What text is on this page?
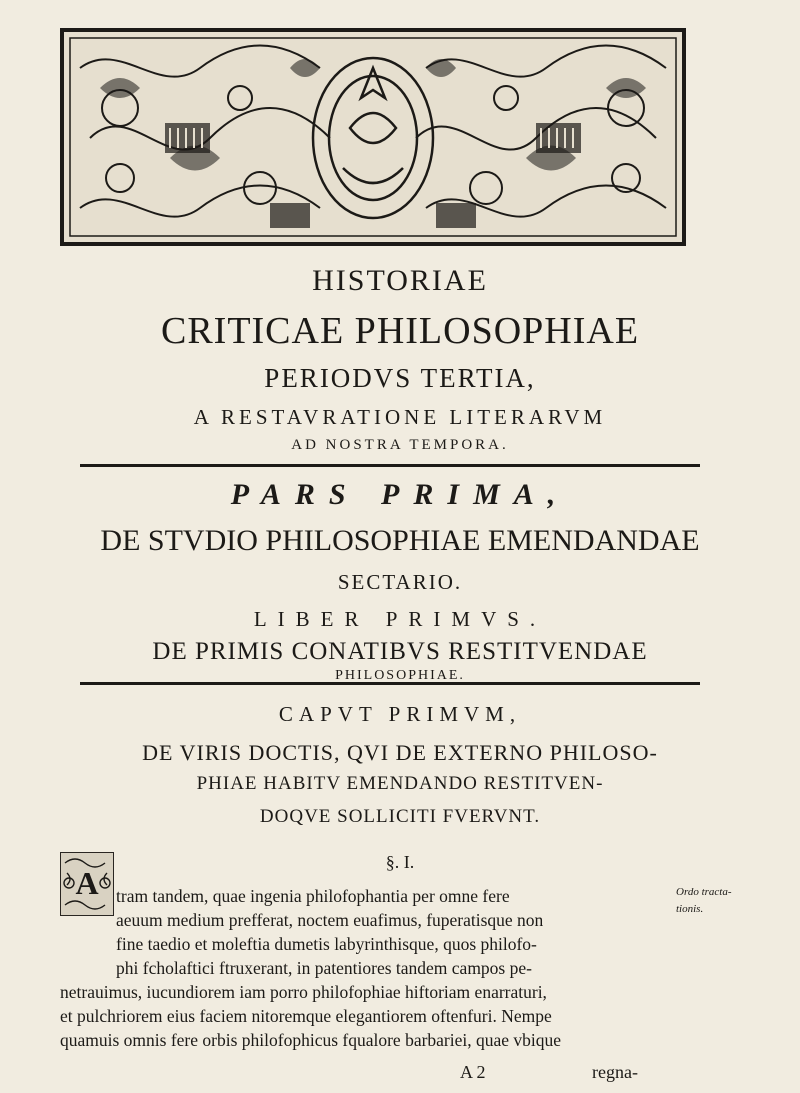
HISTORIAE
CRITICAE PHILOSOPHIAE
PERIODVS TERTIA,
A RESTAVRATIONE LITERARVM
AD NOSTRA TEMPORA.
PARS PRIMA,
DE STVDIO PHILOSOPHIAE EMENDANDAE
SECTARIO.
LIBER PRIMVS.
DE PRIMIS CONATIBVS RESTITVENDAE
PHILOSOPHIAE.
CAPVT PRIMVM,
DE VIRIS DOCTIS, QVI DE EXTERNO PHILOSO-
PHIAE HABITV EMENDANDO RESTITVEN-
DOQVE SOLLICITI FVERVNT.
§. I.
A tram tandem, quae ingenia philofophantia per omne fere
aeuum medium prefferat, noctem euafimus, fuperatisque non
fine taedio et moleftia dumetis labyrinthisque, quos philofo-
phi fcholaftici ftruxerant, in patentiores tandem campos pe-
netrauimus, iucundiorem iam porro philofophiae hiftoriam enarraturi,
et pulchriorem eius faciem nitoremque elegantiorem oftenfuri. Nempe
quamuis omnis fere orbis philofophicus fqualore barbariei, quae vbique
Ordo tracta-
tionis.
A 2	regna-
